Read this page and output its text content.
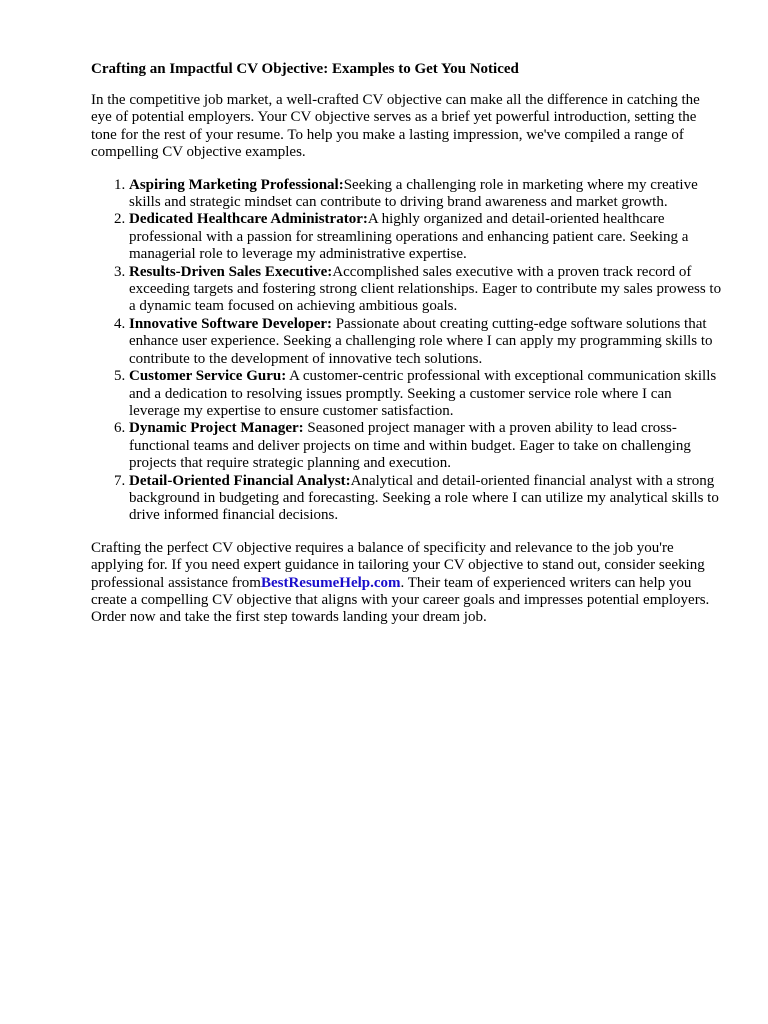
Crafting an Impactful CV Objective: Examples to Get You Noticed

In the competitive job market, a well-crafted CV objective can make all the difference in catching the eye of potential employers. Your CV objective serves as a brief yet powerful introduction, setting the tone for the rest of your resume. To help you make a lasting impression, we've compiled a range of compelling CV objective examples.

1. Aspiring Marketing Professional:Seeking a challenging role in marketing where my creative skills and strategic mindset can contribute to driving brand awareness and market growth.
2. Dedicated Healthcare Administrator:A highly organized and detail-oriented healthcare professional with a passion for streamlining operations and enhancing patient care. Seeking a managerial role to leverage my administrative expertise.
3. Results-Driven Sales Executive:Accomplished sales executive with a proven track record of exceeding targets and fostering strong client relationships. Eager to contribute my sales prowess to a dynamic team focused on achieving ambitious goals.
4. Innovative Software Developer: Passionate about creating cutting-edge software solutions that enhance user experience. Seeking a challenging role where I can apply my programming skills to contribute to the development of innovative tech solutions.
5. Customer Service Guru: A customer-centric professional with exceptional communication skills and a dedication to resolving issues promptly. Seeking a customer service role where I can leverage my expertise to ensure customer satisfaction.
6. Dynamic Project Manager: Seasoned project manager with a proven ability to lead cross-functional teams and deliver projects on time and within budget. Eager to take on challenging projects that require strategic planning and execution.
7. Detail-Oriented Financial Analyst:Analytical and detail-oriented financial analyst with a strong background in budgeting and forecasting. Seeking a role where I can utilize my analytical skills to drive informed financial decisions.

Crafting the perfect CV objective requires a balance of specificity and relevance to the job you're applying for. If you need expert guidance in tailoring your CV objective to stand out, consider seeking professional assistance fromBestResumeHelp.com. Their team of experienced writers can help you create a compelling CV objective that aligns with your career goals and impresses potential employers. Order now and take the first step towards landing your dream job.
